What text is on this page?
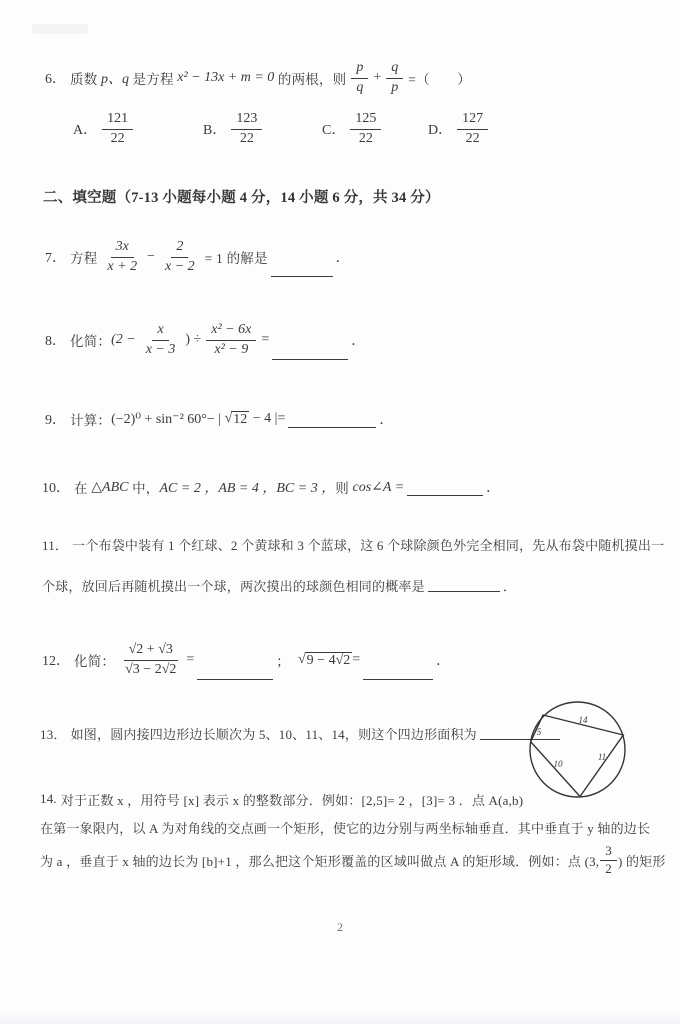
6． 质数 p、q 是方程 x² − 13x + m = 0 的两根，则 $\frac{p}{q} + \frac{q}{p}$ =（　　）
A． $\frac{121}{22}$	B． $\frac{123}{22}$	C． $\frac{125}{22}$	D． $\frac{127}{22}$
二、填空题（7-13 小题每小题 4 分，14 小题 6 分，共 34 分）
7． 方程 $\frac{3x}{x + 2} - \frac{2}{x - 2} = 1$ 的解是	．
8． 化简： ($2 - \frac{x}{x - 3}$ ) ÷ $\frac{\text{x² − 6x}}{\text{x² − 9}}$ =	．
9． 计算： (−2)⁰ + sin⁻² 60°− | √ 12 − 4 |=	．
10． 在 △ABC 中， AC = 2 ，AB = 4 ，BC = 3 ， 则 cos∠A =	．
11． 一个布袋中装有 1 个红球、2 个黄球和 3 个蓝球，这 6 个球除颜色外完全相同，先从布袋中随机摸出一
个球，放回后再随机摸出一个球，两次摸出的球颜色相同的概率是	．
12． 化简： $\frac{√2 + √3}{√3 - 2√2}$ =	； √ 9 − 4√2 =	．
13． 如图，圆内接四边形边长顺次为 5、10、11、14，则这个四边形面积为
14
5
10
11
14. 对于正数 x ，用符号 [x] 表示 x 的整数部分．例如：[2,5]= 2 ，[3]= 3 ．点 A(a,b)
在第一象限内，以 A 为对角线的交点画一个矩形，使它的边分别与两坐标轴垂直．其中垂直于 y 轴的边长
为 a ，垂直于 x 轴的边长为 [b]+1 ，那么把这个矩形覆盖的区域叫做点 A 的矩形域．例如：点 (3, $\frac{3}{2}$ ) 的矩形
2
